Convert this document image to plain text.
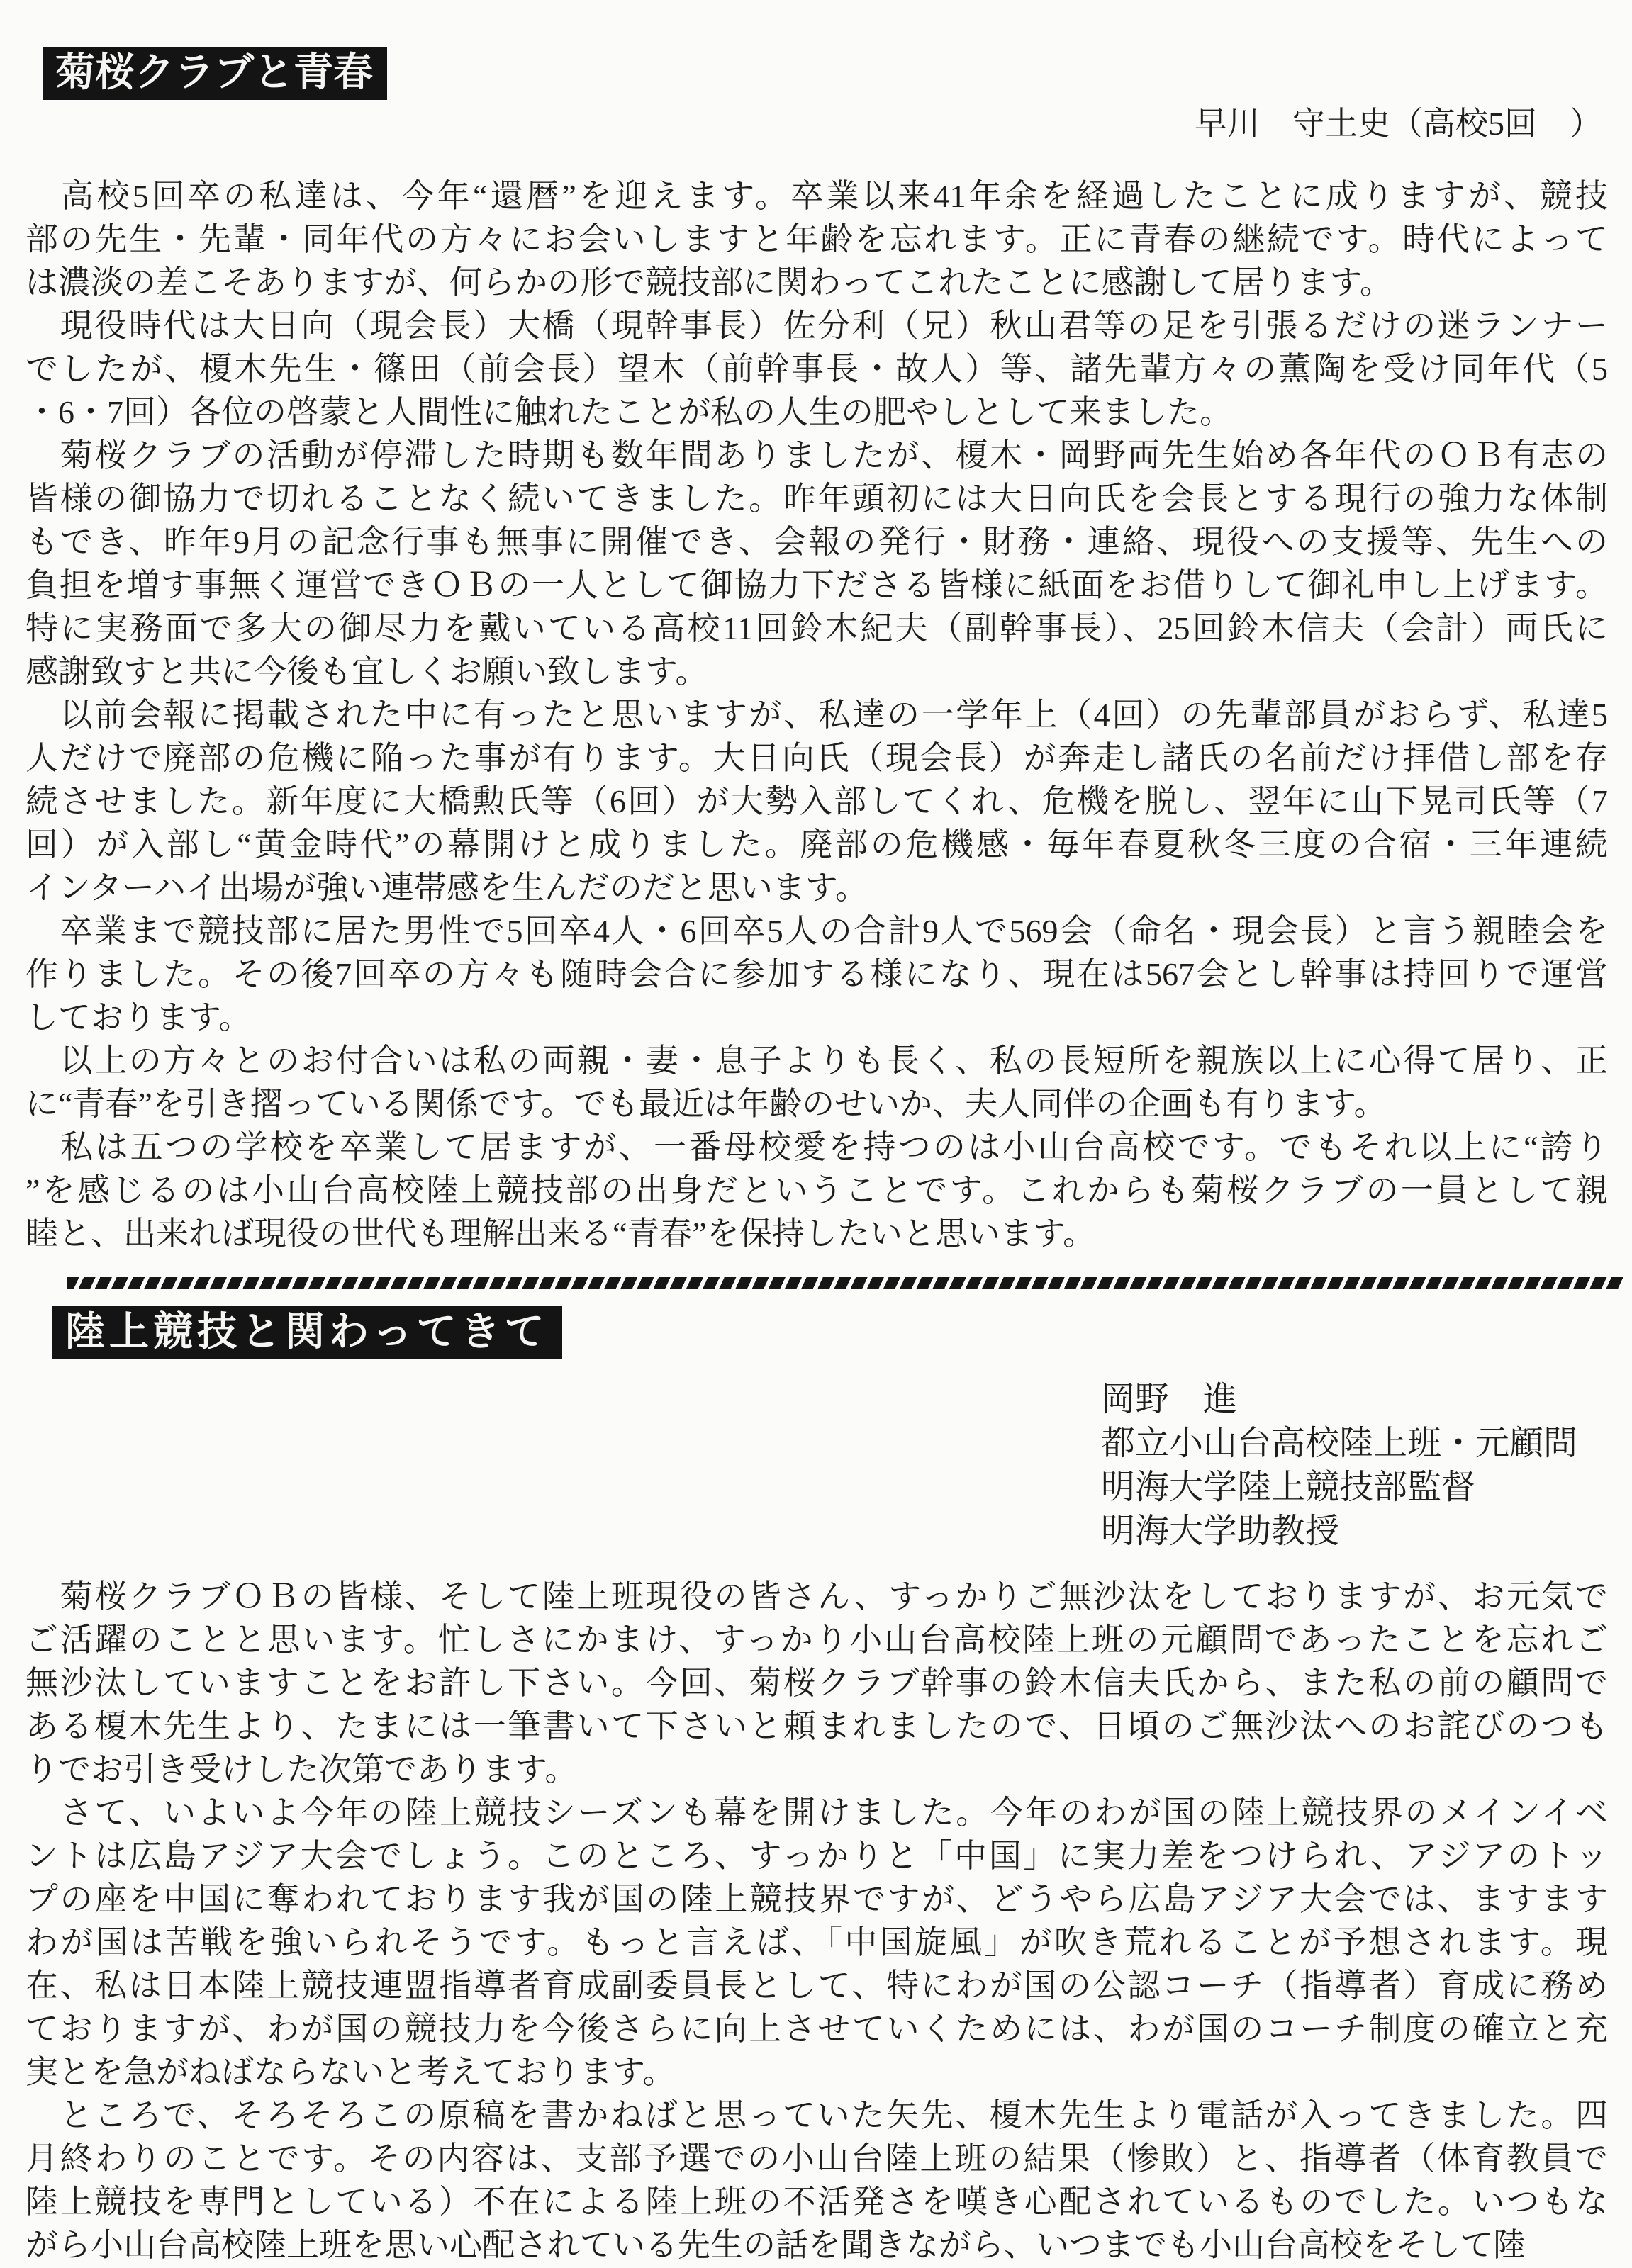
菊桜クラブと青春
早川　守土史（高校5回　）
　高校5回卒の私達は、今年“還暦”を迎えます。卒業以来41年余を経過したことに成りますが、競技
部の先生・先輩・同年代の方々にお会いしますと年齢を忘れます。正に青春の継続です。時代によって
は濃淡の差こそありますが、何らかの形で競技部に関わってこれたことに感謝して居ります。
　現役時代は大日向（現会長）大橋（現幹事長）佐分利（兄）秋山君等の足を引張るだけの迷ランナー
でしたが、榎木先生・篠田（前会長）望木（前幹事長・故人）等、諸先輩方々の薫陶を受け同年代（5
・6・7回）各位の啓蒙と人間性に触れたことが私の人生の肥やしとして来ました。
　菊桜クラブの活動が停滞した時期も数年間ありましたが、榎木・岡野両先生始め各年代のＯＢ有志の
皆様の御協力で切れることなく続いてきました。昨年頭初には大日向氏を会長とする現行の強力な体制
もでき、昨年9月の記念行事も無事に開催でき、会報の発行・財務・連絡、現役への支援等、先生への
負担を増す事無く運営できＯＢの一人として御協力下ださる皆様に紙面をお借りして御礼申し上げます。
特に実務面で多大の御尽力を戴いている高校11回鈴木紀夫（副幹事長）、25回鈴木信夫（会計）両氏に
感謝致すと共に今後も宜しくお願い致します。
　以前会報に掲載された中に有ったと思いますが、私達の一学年上（4回）の先輩部員がおらず、私達5
人だけで廃部の危機に陥った事が有ります。大日向氏（現会長）が奔走し諸氏の名前だけ拝借し部を存
続させました。新年度に大橋勲氏等（6回）が大勢入部してくれ、危機を脱し、翌年に山下晃司氏等（7
回）が入部し“黄金時代”の幕開けと成りました。廃部の危機感・毎年春夏秋冬三度の合宿・三年連続
インターハイ出場が強い連帯感を生んだのだと思います。
　卒業まで競技部に居た男性で5回卒4人・6回卒5人の合計9人で569会（命名・現会長）と言う親睦会を
作りました。その後7回卒の方々も随時会合に参加する様になり、現在は567会とし幹事は持回りで運営
しております。
　以上の方々とのお付合いは私の両親・妻・息子よりも長く、私の長短所を親族以上に心得て居り、正
に“青春”を引き摺っている関係です。でも最近は年齢のせいか、夫人同伴の企画も有ります。
　私は五つの学校を卒業して居ますが、一番母校愛を持つのは小山台高校です。でもそれ以上に“誇り
”を感じるのは小山台高校陸上競技部の出身だということです。これからも菊桜クラブの一員として親
睦と、出来れば現役の世代も理解出来る“青春”を保持したいと思います。
陸上競技と関わってきて
岡野　進
都立小山台高校陸上班・元顧問
明海大学陸上競技部監督
明海大学助教授
　菊桜クラブＯＢの皆様、そして陸上班現役の皆さん、すっかりご無沙汰をしておりますが、お元気で
ご活躍のことと思います。忙しさにかまけ、すっかり小山台高校陸上班の元顧問であったことを忘れご
無沙汰していますことをお許し下さい。今回、菊桜クラブ幹事の鈴木信夫氏から、また私の前の顧問で
ある榎木先生より、たまには一筆書いて下さいと頼まれましたので、日頃のご無沙汰へのお詫びのつも
りでお引き受けした次第であります。
　さて、いよいよ今年の陸上競技シーズンも幕を開けました。今年のわが国の陸上競技界のメインイベ
ントは広島アジア大会でしょう。このところ、すっかりと「中国」に実力差をつけられ、アジアのトッ
プの座を中国に奪われております我が国の陸上競技界ですが、どうやら広島アジア大会では、ますます
わが国は苦戦を強いられそうです。もっと言えば、「中国旋風」が吹き荒れることが予想されます。現
在、私は日本陸上競技連盟指導者育成副委員長として、特にわが国の公認コーチ（指導者）育成に務め
ておりますが、わが国の競技力を今後さらに向上させていくためには、わが国のコーチ制度の確立と充
実とを急がねばならないと考えております。
　ところで、そろそろこの原稿を書かねばと思っていた矢先、榎木先生より電話が入ってきました。四
月終わりのことです。その内容は、支部予選での小山台陸上班の結果（惨敗）と、指導者（体育教員で
陸上競技を専門としている）不在による陸上班の不活発さを嘆き心配されているものでした。いつもな
がら小山台高校陸上班を思い心配されている先生の話を聞きながら、いつまでも小山台高校をそして陸
